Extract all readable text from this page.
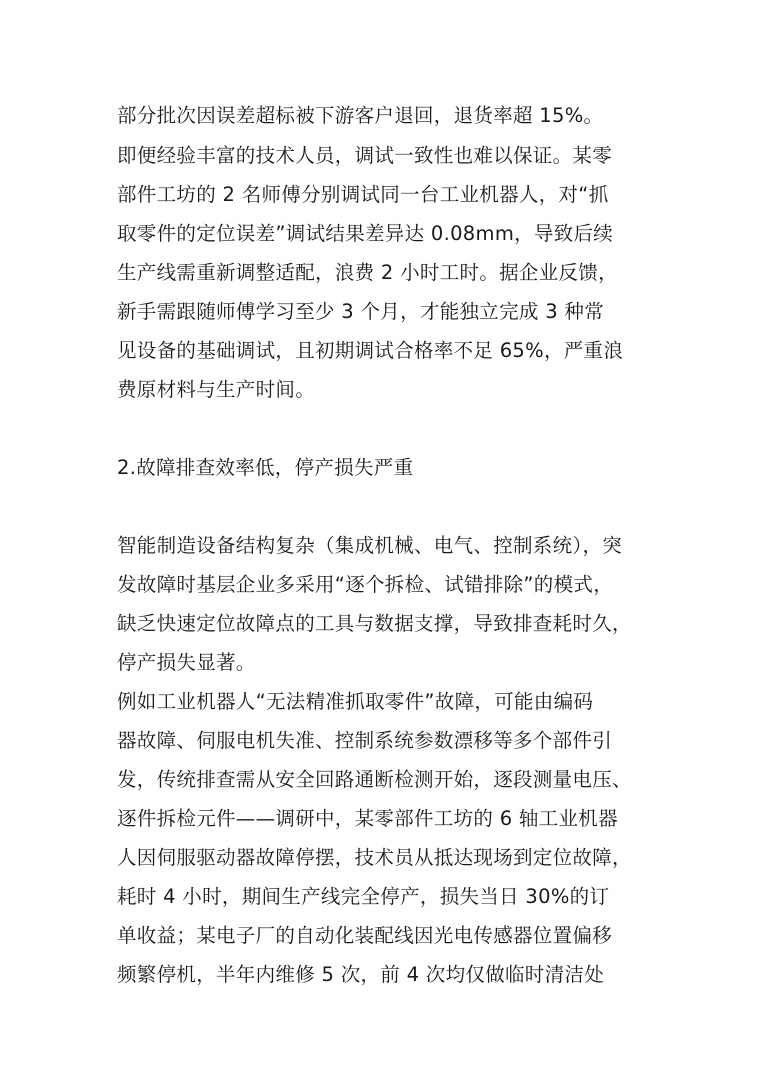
部分批次因误差超标被下游客户退回，退货率超 15%。
即便经验丰富的技术人员，调试一致性也难以保证。某零
部件工坊的 2 名师傅分别调试同一台工业机器人，对“抓
取零件的定位误差”调试结果差异达 0.08mm，导致后续
生产线需重新调整适配，浪费 2 小时工时。据企业反馈，
新手需跟随师傅学习至少 3 个月，才能独立完成 3 种常
见设备的基础调试，且初期调试合格率不足 65%，严重浪
费原材料与生产时间。
2.故障排查效率低，停产损失严重
智能制造设备结构复杂（集成机械、电气、控制系统），突
发故障时基层企业多采用“逐个拆检、试错排除”的模式，
缺乏快速定位故障点的工具与数据支撑，导致排查耗时久，
停产损失显著。
例如工业机器人“无法精准抓取零件”故障，可能由编码
器故障、伺服电机失准、控制系统参数漂移等多个部件引
发，传统排查需从安全回路通断检测开始，逐段测量电压、
逐件拆检元件——调研中，某零部件工坊的 6 轴工业机器
人因伺服驱动器故障停摆，技术员从抵达现场到定位故障，
耗时 4 小时，期间生产线完全停产，损失当日 30%的订
单收益；某电子厂的自动化装配线因光电传感器位置偏移
频繁停机，半年内维修 5 次，前 4 次均仅做临时清洁处
